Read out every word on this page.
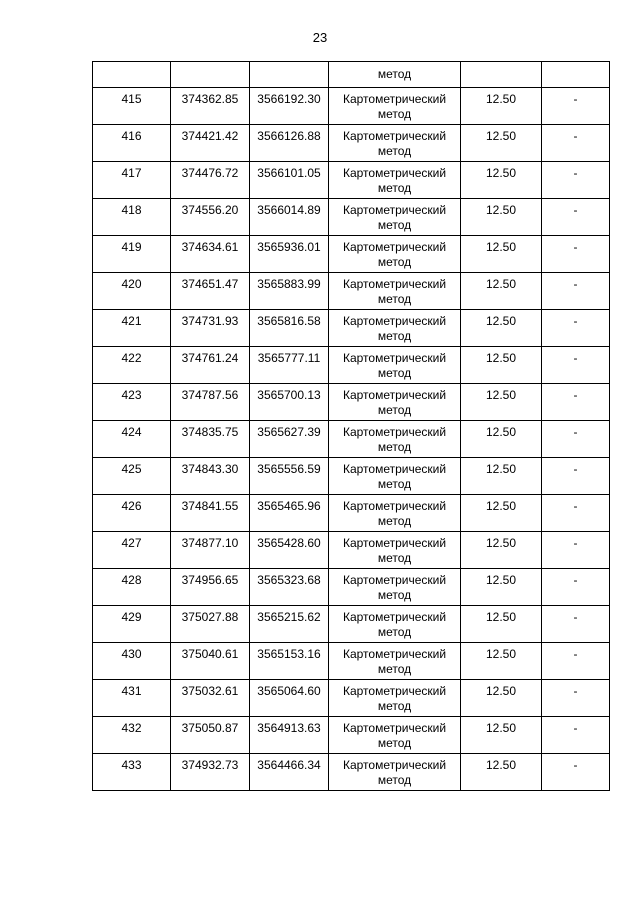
23
			метод		
415	374362.85	3566192.30	Картометрический метод	12.50	-
416	374421.42	3566126.88	Картометрический метод	12.50	-
417	374476.72	3566101.05	Картометрический метод	12.50	-
418	374556.20	3566014.89	Картометрический метод	12.50	-
419	374634.61	3565936.01	Картометрический метод	12.50	-
420	374651.47	3565883.99	Картометрический метод	12.50	-
421	374731.93	3565816.58	Картометрический метод	12.50	-
422	374761.24	3565777.11	Картометрический метод	12.50	-
423	374787.56	3565700.13	Картометрический метод	12.50	-
424	374835.75	3565627.39	Картометрический метод	12.50	-
425	374843.30	3565556.59	Картометрический метод	12.50	-
426	374841.55	3565465.96	Картометрический метод	12.50	-
427	374877.10	3565428.60	Картометрический метод	12.50	-
428	374956.65	3565323.68	Картометрический метод	12.50	-
429	375027.88	3565215.62	Картометрический метод	12.50	-
430	375040.61	3565153.16	Картометрический метод	12.50	-
431	375032.61	3565064.60	Картометрический метод	12.50	-
432	375050.87	3564913.63	Картометрический метод	12.50	-
433	374932.73	3564466.34	Картометрический метод	12.50	-
